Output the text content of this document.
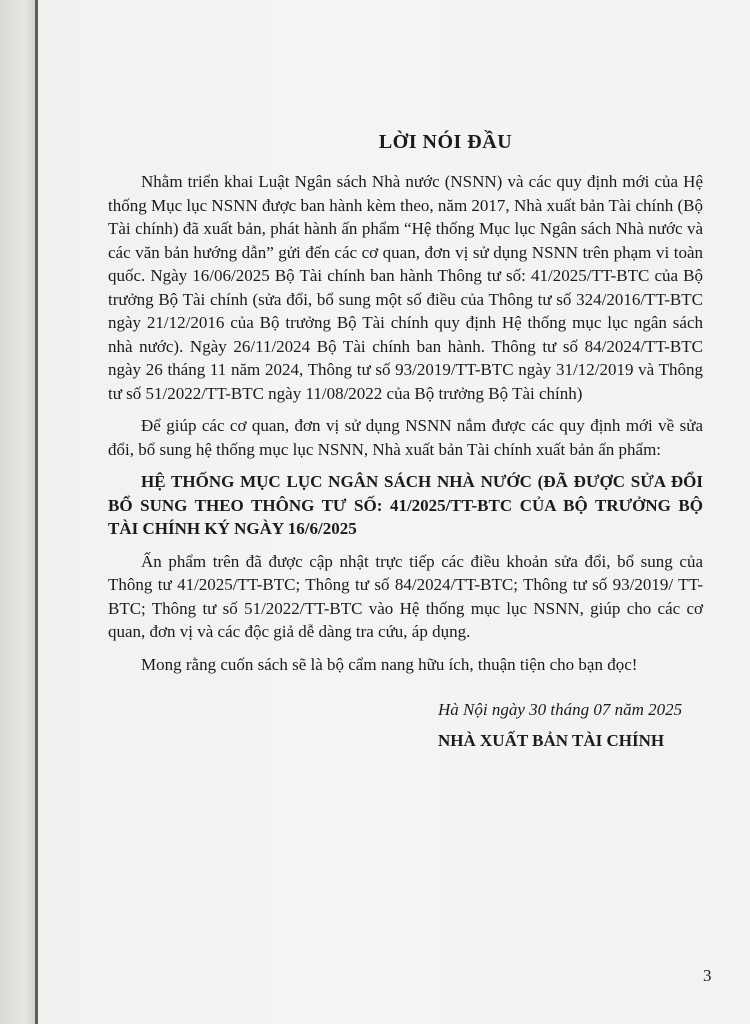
LỜI NÓI ĐẦU

Nhằm triển khai Luật Ngân sách Nhà nước (NSNN) và các quy định mới của Hệ thống Mục lục NSNN được ban hành kèm theo, năm 2017, Nhà xuất bản Tài chính (Bộ Tài chính) đã xuất bản, phát hành ấn phẩm “Hệ thống Mục lục Ngân sách Nhà nước và các văn bản hướng dẫn” gửi đến các cơ quan, đơn vị sử dụng NSNN trên phạm vi toàn quốc. Ngày 16/06/2025 Bộ Tài chính ban hành Thông tư số: 41/2025/TT-BTC của Bộ trưởng Bộ Tài chính (sửa đổi, bổ sung một số điều của Thông tư số 324/2016/TT-BTC ngày 21/12/2016 của Bộ trưởng Bộ Tài chính quy định Hệ thống mục lục ngân sách nhà nước). Ngày 26/11/2024 Bộ Tài chính ban hành. Thông tư số 84/2024/TT-BTC ngày 26 tháng 11 năm 2024, Thông tư số 93/2019/TT-BTC ngày 31/12/2019 và Thông tư số 51/2022/TT-BTC ngày 11/08/2022 của Bộ trưởng Bộ Tài chính)

Để giúp các cơ quan, đơn vị sử dụng NSNN nắm được các quy định mới về sửa đổi, bổ sung hệ thống mục lục NSNN, Nhà xuất bản Tài chính xuất bản ấn phẩm:

HỆ THỐNG MỤC LỤC NGÂN SÁCH NHÀ NƯỚC (ĐÃ ĐƯỢC SỬA ĐỔI BỔ SUNG THEO THÔNG TƯ SỐ: 41/2025/TT-BTC CỦA BỘ TRƯỞNG BỘ TÀI CHÍNH KÝ NGÀY 16/6/2025

Ấn phẩm trên đã được cập nhật trực tiếp các điều khoản sửa đổi, bổ sung của Thông tư 41/2025/TT-BTC; Thông tư số 84/2024/TT-BTC; Thông tư số 93/2019/ TT-BTC; Thông tư số 51/2022/TT-BTC vào Hệ thống mục lục NSNN, giúp cho các cơ quan, đơn vị và các độc giả dễ dàng tra cứu, áp dụng.

Mong rằng cuốn sách sẽ là bộ cẩm nang hữu ích, thuận tiện cho bạn đọc!

Hà Nội ngày 30 tháng 07 năm 2025
NHÀ XUẤT BẢN TÀI CHÍNH
3
